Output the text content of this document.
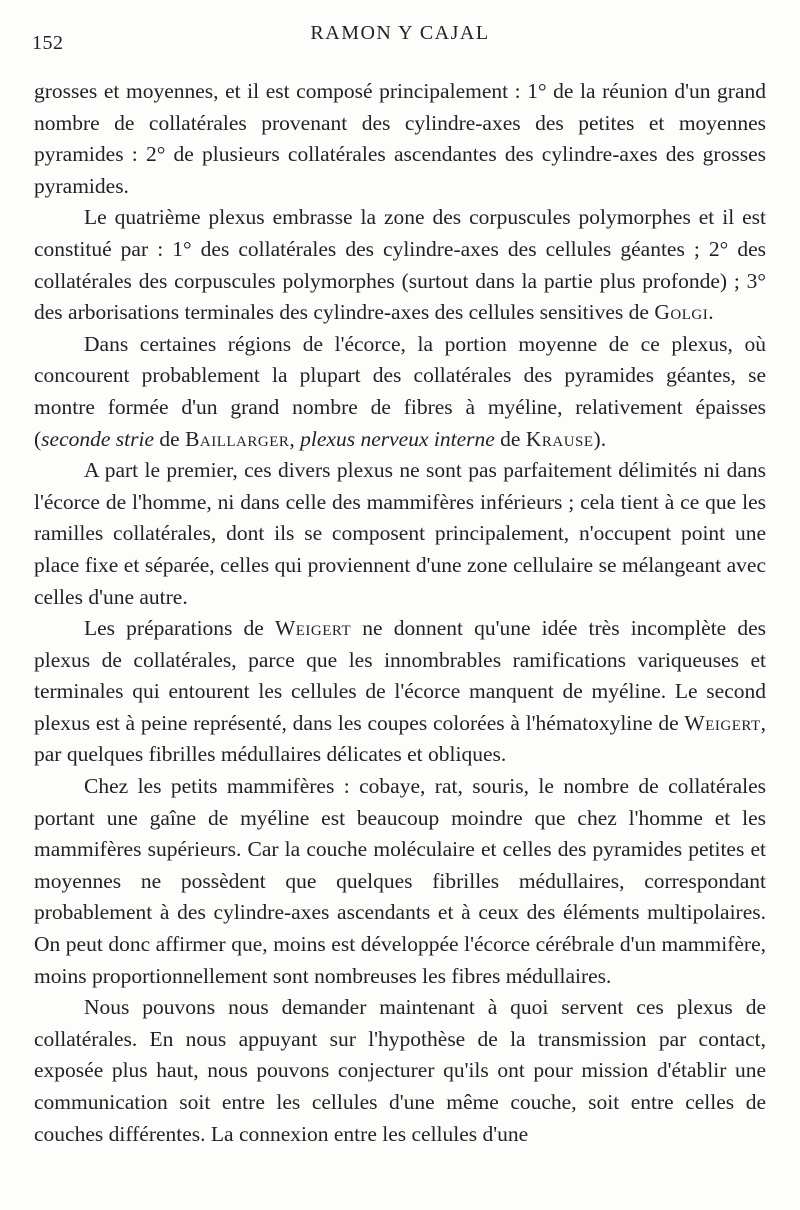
152	RAMON Y CAJAL

grosses et moyennes, et il est composé principalement : 1° de la réunion d'un grand nombre de collatérales provenant des cylindre-axes des petites et moyennes pyramides : 2° de plusieurs collatérales ascendantes des cylindre-axes des grosses pyramides.

Le quatrième plexus embrasse la zone des corpuscules polymorphes et il est constitué par : 1° des collatérales des cylindre-axes des cellules géantes ; 2° des collatérales des corpuscules polymorphes (surtout dans la partie plus profonde) ; 3° des arborisations terminales des cylindre-axes des cellules sensitives de Golgi.

Dans certaines régions de l'écorce, la portion moyenne de ce plexus, où concourent probablement la plupart des collatérales des pyramides géantes, se montre formée d'un grand nombre de fibres à myéline, relativement épaisses (seconde strie de Baillarger, plexus nerveux interne de Krause).

A part le premier, ces divers plexus ne sont pas parfaitement délimités ni dans l'écorce de l'homme, ni dans celle des mammifères inférieurs ; cela tient à ce que les ramilles collatérales, dont ils se composent principalement, n'occupent point une place fixe et séparée, celles qui proviennent d'une zone cellulaire se mélangeant avec celles d'une autre.

Les préparations de Weigert ne donnent qu'une idée très incomplète des plexus de collatérales, parce que les innombrables ramifications variqueuses et terminales qui entourent les cellules de l'écorce manquent de myéline. Le second plexus est à peine représenté, dans les coupes colorées à l'hématoxyline de Weigert, par quelques fibrilles médullaires délicates et obliques.

Chez les petits mammifères : cobaye, rat, souris, le nombre de collatérales portant une gaîne de myéline est beaucoup moindre que chez l'homme et les mammifères supérieurs. Car la couche moléculaire et celles des pyramides petites et moyennes ne possèdent que quelques fibrilles médullaires, correspondant probablement à des cylindre-axes ascendants et à ceux des éléments multipolaires. On peut donc affirmer que, moins est développée l'écorce cérébrale d'un mammifère, moins proportionnellement sont nombreuses les fibres médullaires.

Nous pouvons nous demander maintenant à quoi servent ces plexus de collatérales. En nous appuyant sur l'hypothèse de la transmission par contact, exposée plus haut, nous pouvons conjecturer qu'ils ont pour mission d'établir une communication soit entre les cellules d'une même couche, soit entre celles de couches différentes. La connexion entre les cellules d'une
